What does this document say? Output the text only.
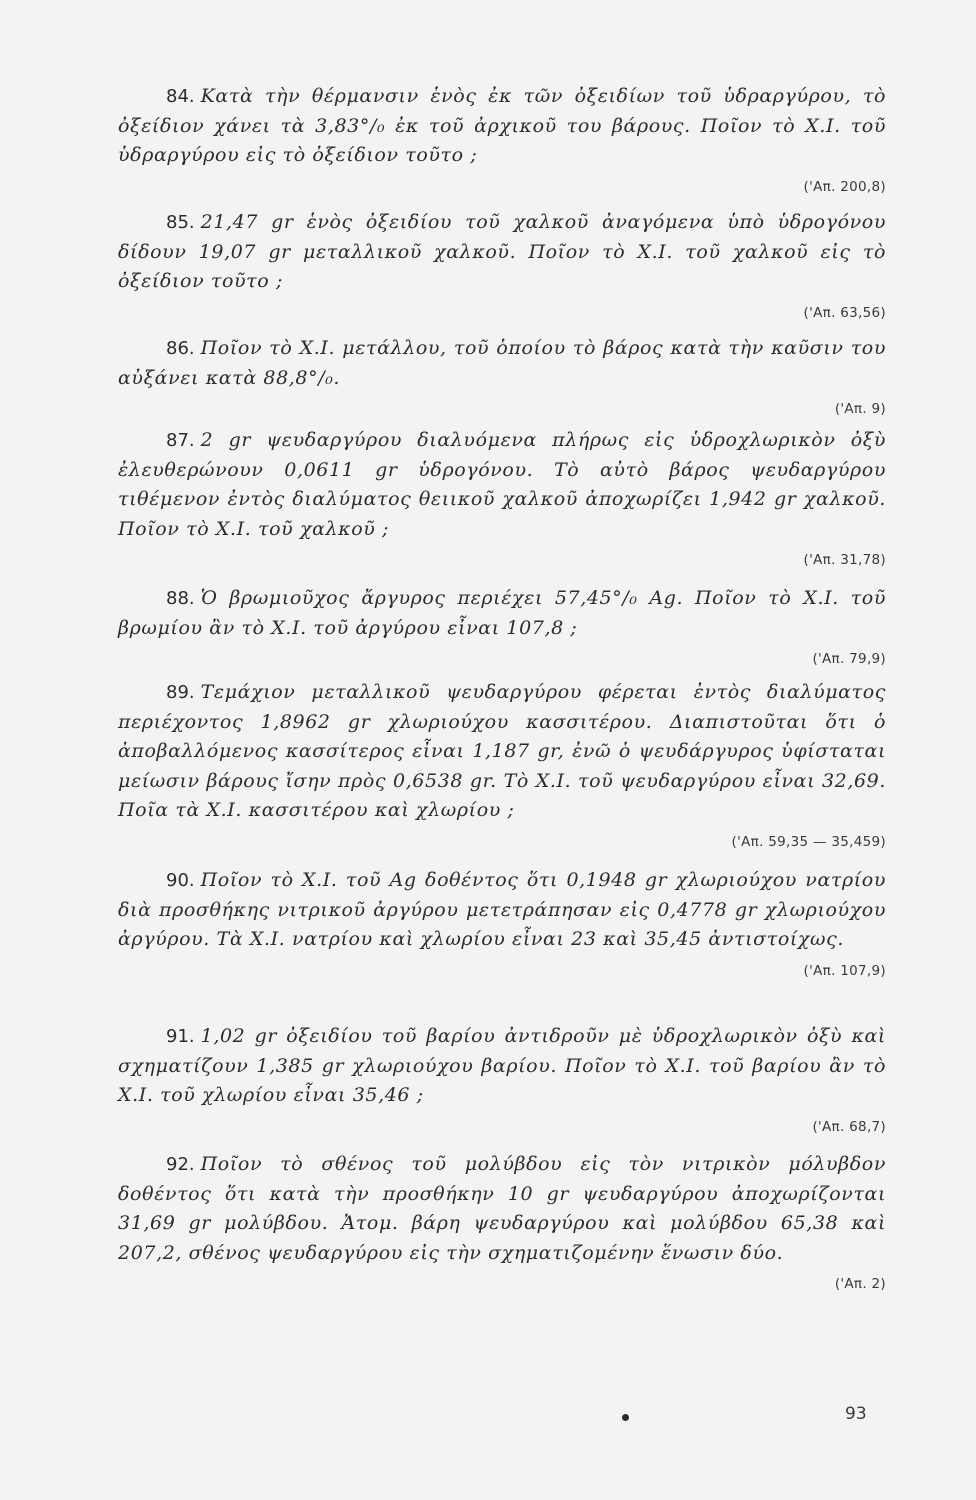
84. Κατὰ τὴν θέρμανσιν ἑνὸς ἐκ τῶν ὀξειδίων τοῦ ὑδραργύρου, τὸ ὀξείδιον χάνει τὰ 3,83°/₀ ἐκ τοῦ ἀρχικοῦ του βάρους. Ποῖον τὸ Χ.Ι. τοῦ ὑδραργύρου εἰς τὸ ὀξείδιον τοῦτο ;

('Απ. 200,8)

85. 21,47 gr ἑνὸς ὀξειδίου τοῦ χαλκοῦ ἀναγόμενα ὑπὸ ὑδρογόνου δίδουν 19,07 gr μεταλλικοῦ χαλκοῦ. Ποῖον τὸ Χ.Ι. τοῦ χαλκοῦ εἰς τὸ ὀξείδιον τοῦτο ;

('Απ. 63,56)

86. Ποῖον τὸ Χ.Ι. μετάλλου, τοῦ ὁποίου τὸ βάρος κατὰ τὴν καῦσιν του αὐξάνει κατὰ 88,8°/₀.

('Απ. 9)

87. 2 gr ψευδαργύρου διαλυόμενα πλήρως εἰς ὑδροχλωρικὸν ὀξὺ ἐλευθερώνουν 0,0611 gr ὑδρογόνου. Τὸ αὐτὸ βάρος ψευδαργύρου τιθέμενον ἐντὸς διαλύματος θειικοῦ χαλκοῦ ἀποχωρίζει 1,942 gr χαλκοῦ. Ποῖον τὸ Χ.Ι. τοῦ χαλκοῦ ;

('Απ. 31,78)

88. Ὁ βρωμιοῦχος ἄργυρος περιέχει 57,45°/₀ Ag. Ποῖον τὸ Χ.Ι. τοῦ βρωμίου ἂν τὸ Χ.Ι. τοῦ ἀργύρου εἶναι 107,8 ;

('Απ. 79,9)

89. Τεμάχιον μεταλλικοῦ ψευδαργύρου φέρεται ἐντὸς διαλύματος περιέχοντος 1,8962 gr χλωριούχου κασσιτέρου. Διαπιστοῦται ὅτι ὁ ἀποβαλλόμενος κασσίτερος εἶναι 1,187 gr, ἐνῶ ὁ ψευδάργυρος ὑφίσταται μείωσιν βάρους ἴσην πρὸς 0,6538 gr. Τὸ Χ.Ι. τοῦ ψευδαργύρου εἶναι 32,69. Ποῖα τὰ Χ.Ι. κασσιτέρου καὶ χλωρίου ;

('Απ. 59,35 — 35,459)

90. Ποῖον τὸ Χ.Ι. τοῦ Ag δοθέντος ὅτι 0,1948 gr χλωριούχου νατρίου διὰ προσθήκης νιτρικοῦ ἀργύρου μετετράπησαν εἰς 0,4778 gr χλωριούχου ἀργύρου. Τὰ Χ.Ι. νατρίου καὶ χλωρίου εἶναι 23 καὶ 35,45 ἀντιστοίχως.

('Απ. 107,9)

91. 1,02 gr ὀξειδίου τοῦ βαρίου ἀντιδροῦν μὲ ὑδροχλωρικὸν ὀξὺ καὶ σχηματίζουν 1,385 gr χλωριούχου βαρίου. Ποῖον τὸ Χ.Ι. τοῦ βαρίου ἂν τὸ Χ.Ι. τοῦ χλωρίου εἶναι 35,46 ;

('Απ. 68,7)

92. Ποῖον τὸ σθένος τοῦ μολύβδου εἰς τὸν νιτρικὸν μόλυβδον δοθέντος ὅτι κατὰ τὴν προσθήκην 10 gr ψευδαργύρου ἀποχωρίζονται 31,69 gr μολύβδου. Ἀτομ. βάρη ψευδαργύρου καὶ μολύβδου 65,38 καὶ 207,2, σθένος ψευδαργύρου εἰς τὴν σχηματιζομένην ἕνωσιν δύο.

('Απ. 2)
93
